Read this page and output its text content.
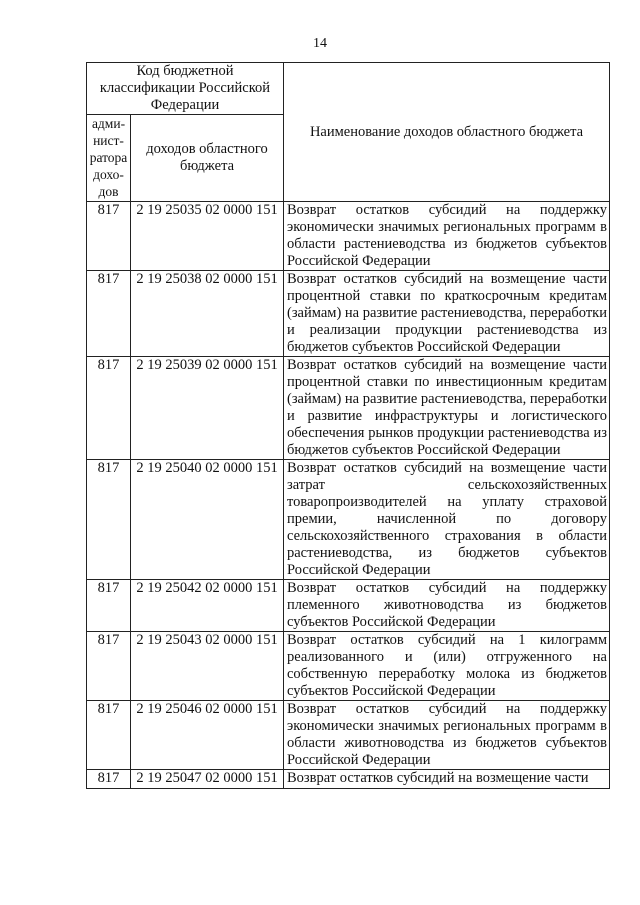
14
Код бюджетной классификации Российской Федерации		Наименование доходов областного бюджета
адми-нист-ратора дохо-дов	доходов областного бюджета	
817	2 19 25035 02 0000 151	Возврат остатков субсидий на поддержку экономически значимых региональных программ в области растениеводства из бюджетов субъектов Российской Федерации
817	2 19 25038 02 0000 151	Возврат остатков субсидий на возмещение части процентной ставки по краткосрочным кредитам (займам) на развитие растениеводства, переработки и реализации продукции растениеводства из бюджетов субъектов Российской Федерации
817	2 19 25039 02 0000 151	Возврат остатков субсидий на возмещение части процентной ставки по инвестиционным кредитам (займам) на развитие растениеводства, переработки и развитие инфраструктуры и логистического обеспечения рынков продукции растениеводства из бюджетов субъектов Российской Федерации
817	2 19 25040 02 0000 151	Возврат остатков субсидий на возмещение части затрат сельскохозяйственных товаропроизводителей на уплату страховой премии, начисленной по договору сельскохозяйственного страхования в области растениеводства, из бюджетов субъектов Российской Федерации
817	2 19 25042 02 0000 151	Возврат остатков субсидий на поддержку племенного животноводства из бюджетов субъектов Российской Федерации
817	2 19 25043 02 0000 151	Возврат остатков субсидий на 1 килограмм реализованного и (или) отгруженного на собственную переработку молока из бюджетов субъектов Российской Федерации
817	2 19 25046 02 0000 151	Возврат остатков субсидий на поддержку экономически значимых региональных программ в области животноводства из бюджетов субъектов Российской Федерации
817	2 19 25047 02 0000 151	Возврат остатков субсидий на возмещение части
